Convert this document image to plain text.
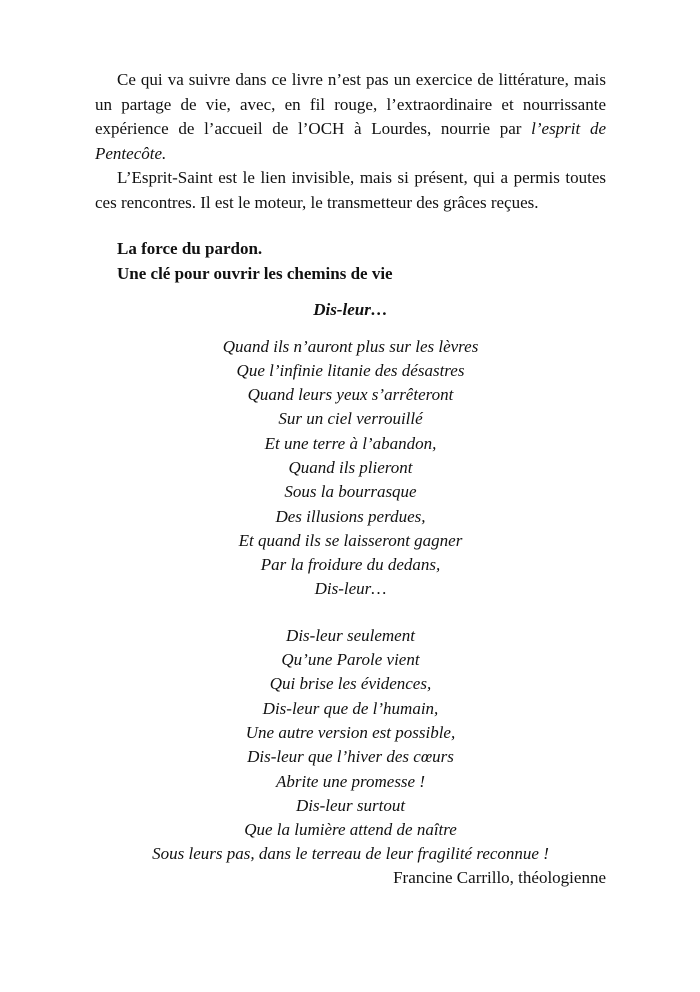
Ce qui va suivre dans ce livre n’est pas un exercice de littérature, mais un partage de vie, avec, en fil rouge, l’extraordinaire et nourrissante expérience de l’accueil de l’OCH à Lourdes, nourrie par l’esprit de Pentecôte.

L’Esprit-Saint est le lien invisible, mais si présent, qui a permis toutes ces rencontres. Il est le moteur, le transmetteur des grâces reçues.

La force du pardon.
Une clé pour ouvrir les chemins de vie
Dis-leur…
Quand ils n’auront plus sur les lèvres
Que l’infinie litanie des désastres
Quand leurs yeux s’arrêteront
Sur un ciel verrouillé
Et une terre à l’abandon,
Quand ils plieront
Sous la bourrasque
Des illusions perdues,
Et quand ils se laisseront gagner
Par la froidure du dedans,
Dis-leur…
Dis-leur seulement
Qu’une Parole vient
Qui brise les évidences,
Dis-leur que de l’humain,
Une autre version est possible,
Dis-leur que l’hiver des cœurs
Abrite une promesse !
Dis-leur surtout
Que la lumière attend de naître
Sous leurs pas, dans le terreau de leur fragilité reconnue !
Francine Carrillo, théologienne
